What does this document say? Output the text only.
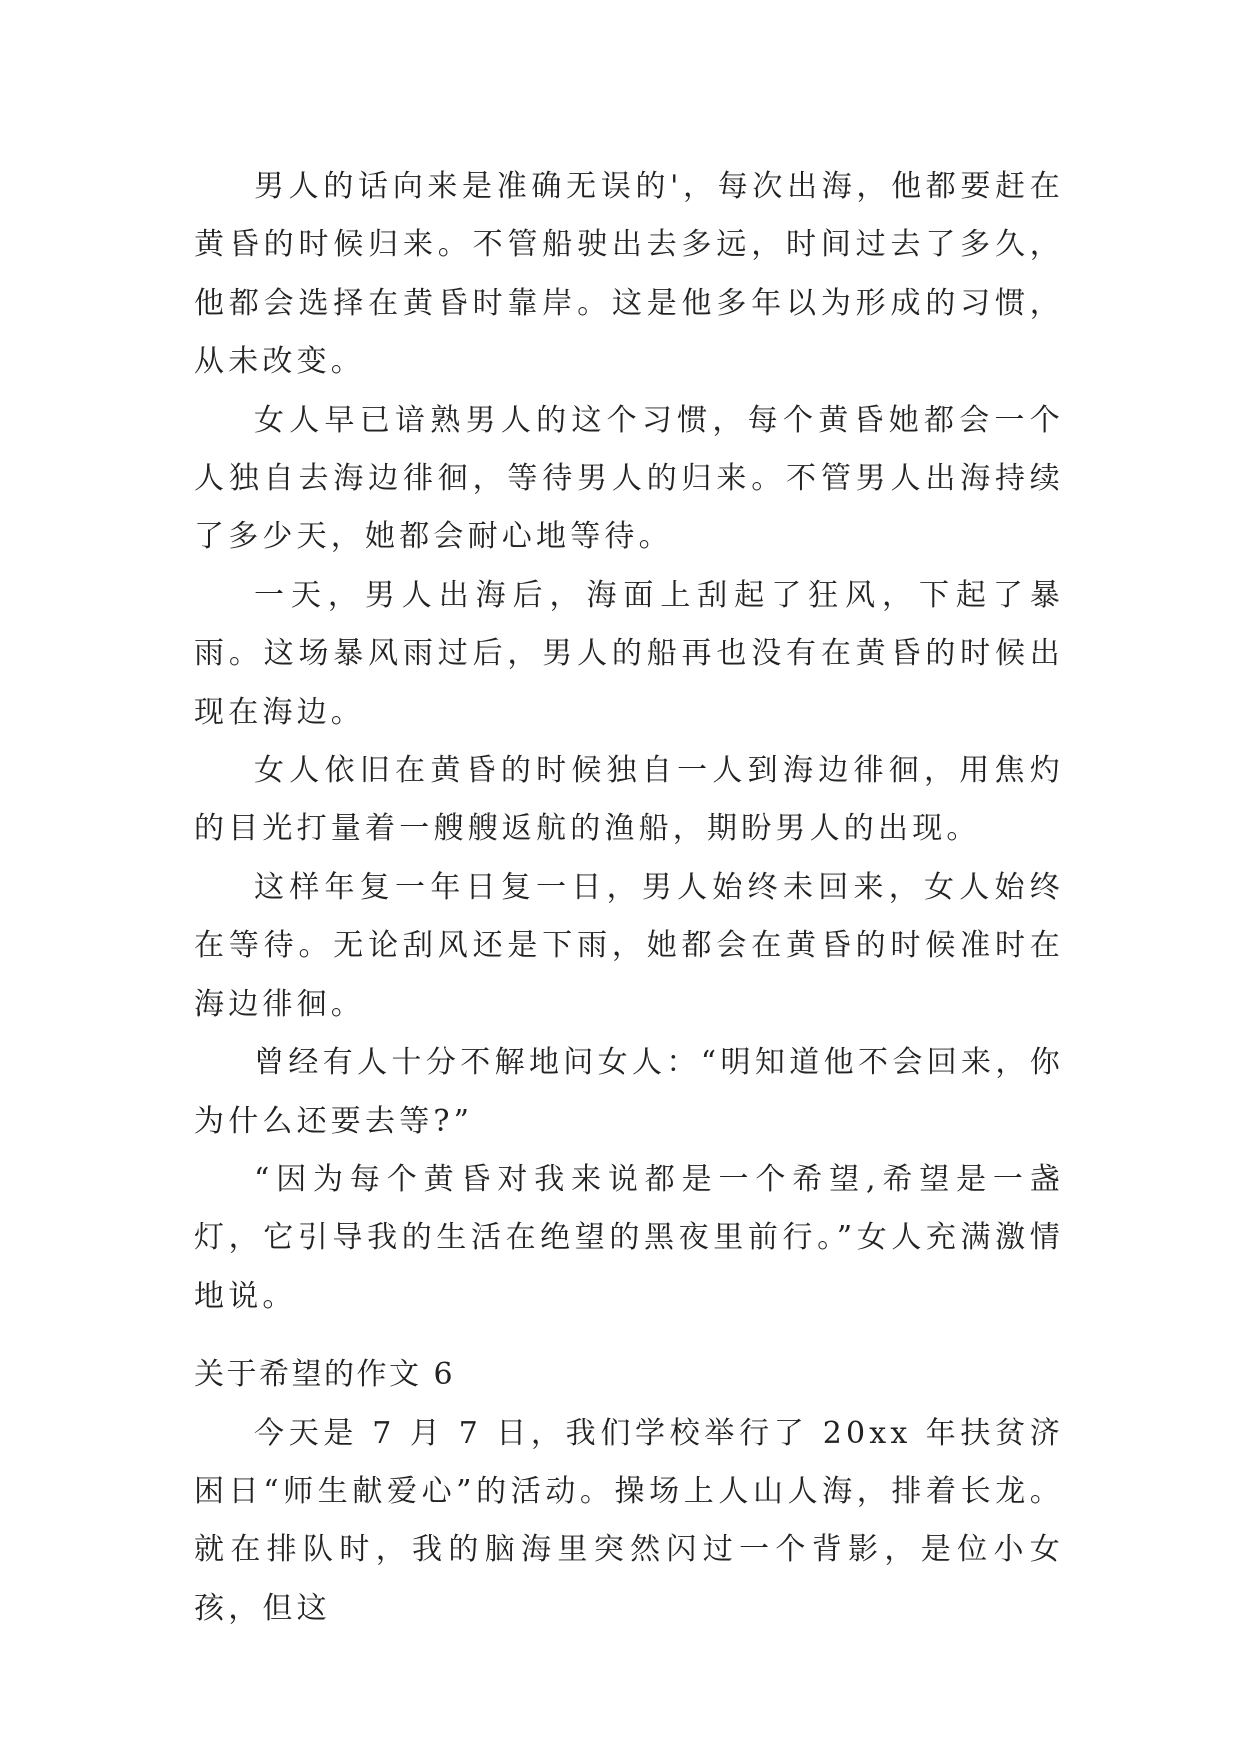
男人的话向来是准确无误的'，每次出海，他都要赶在黄昏的时候归来。不管船驶出去多远，时间过去了多久，他都会选择在黄昏时靠岸。这是他多年以为形成的习惯，从未改变。

女人早已谙熟男人的这个习惯，每个黄昏她都会一个人独自去海边徘徊，等待男人的归来。不管男人出海持续了多少天，她都会耐心地等待。

一天，男人出海后，海面上刮起了狂风，下起了暴雨。这场暴风雨过后，男人的船再也没有在黄昏的时候出现在海边。

女人依旧在黄昏的时候独自一人到海边徘徊，用焦灼的目光打量着一艘艘返航的渔船，期盼男人的出现。

这样年复一年日复一日，男人始终未回来，女人始终在等待。无论刮风还是下雨，她都会在黄昏的时候准时在海边徘徊。

曾经有人十分不解地问女人：“明知道他不会回来，你为什么还要去等?”

“因为每个黄昏对我来说都是一个希望,希望是一盏灯，它引导我的生活在绝望的黑夜里前行。”女人充满激情地说。

关于希望的作文 6

今天是 7 月 7 日，我们学校举行了 20xx 年扶贫济困日“师生献爱心”的活动。操场上人山人海，排着长龙。就在排队时，我的脑海里突然闪过一个背影，是位小女孩，但这
